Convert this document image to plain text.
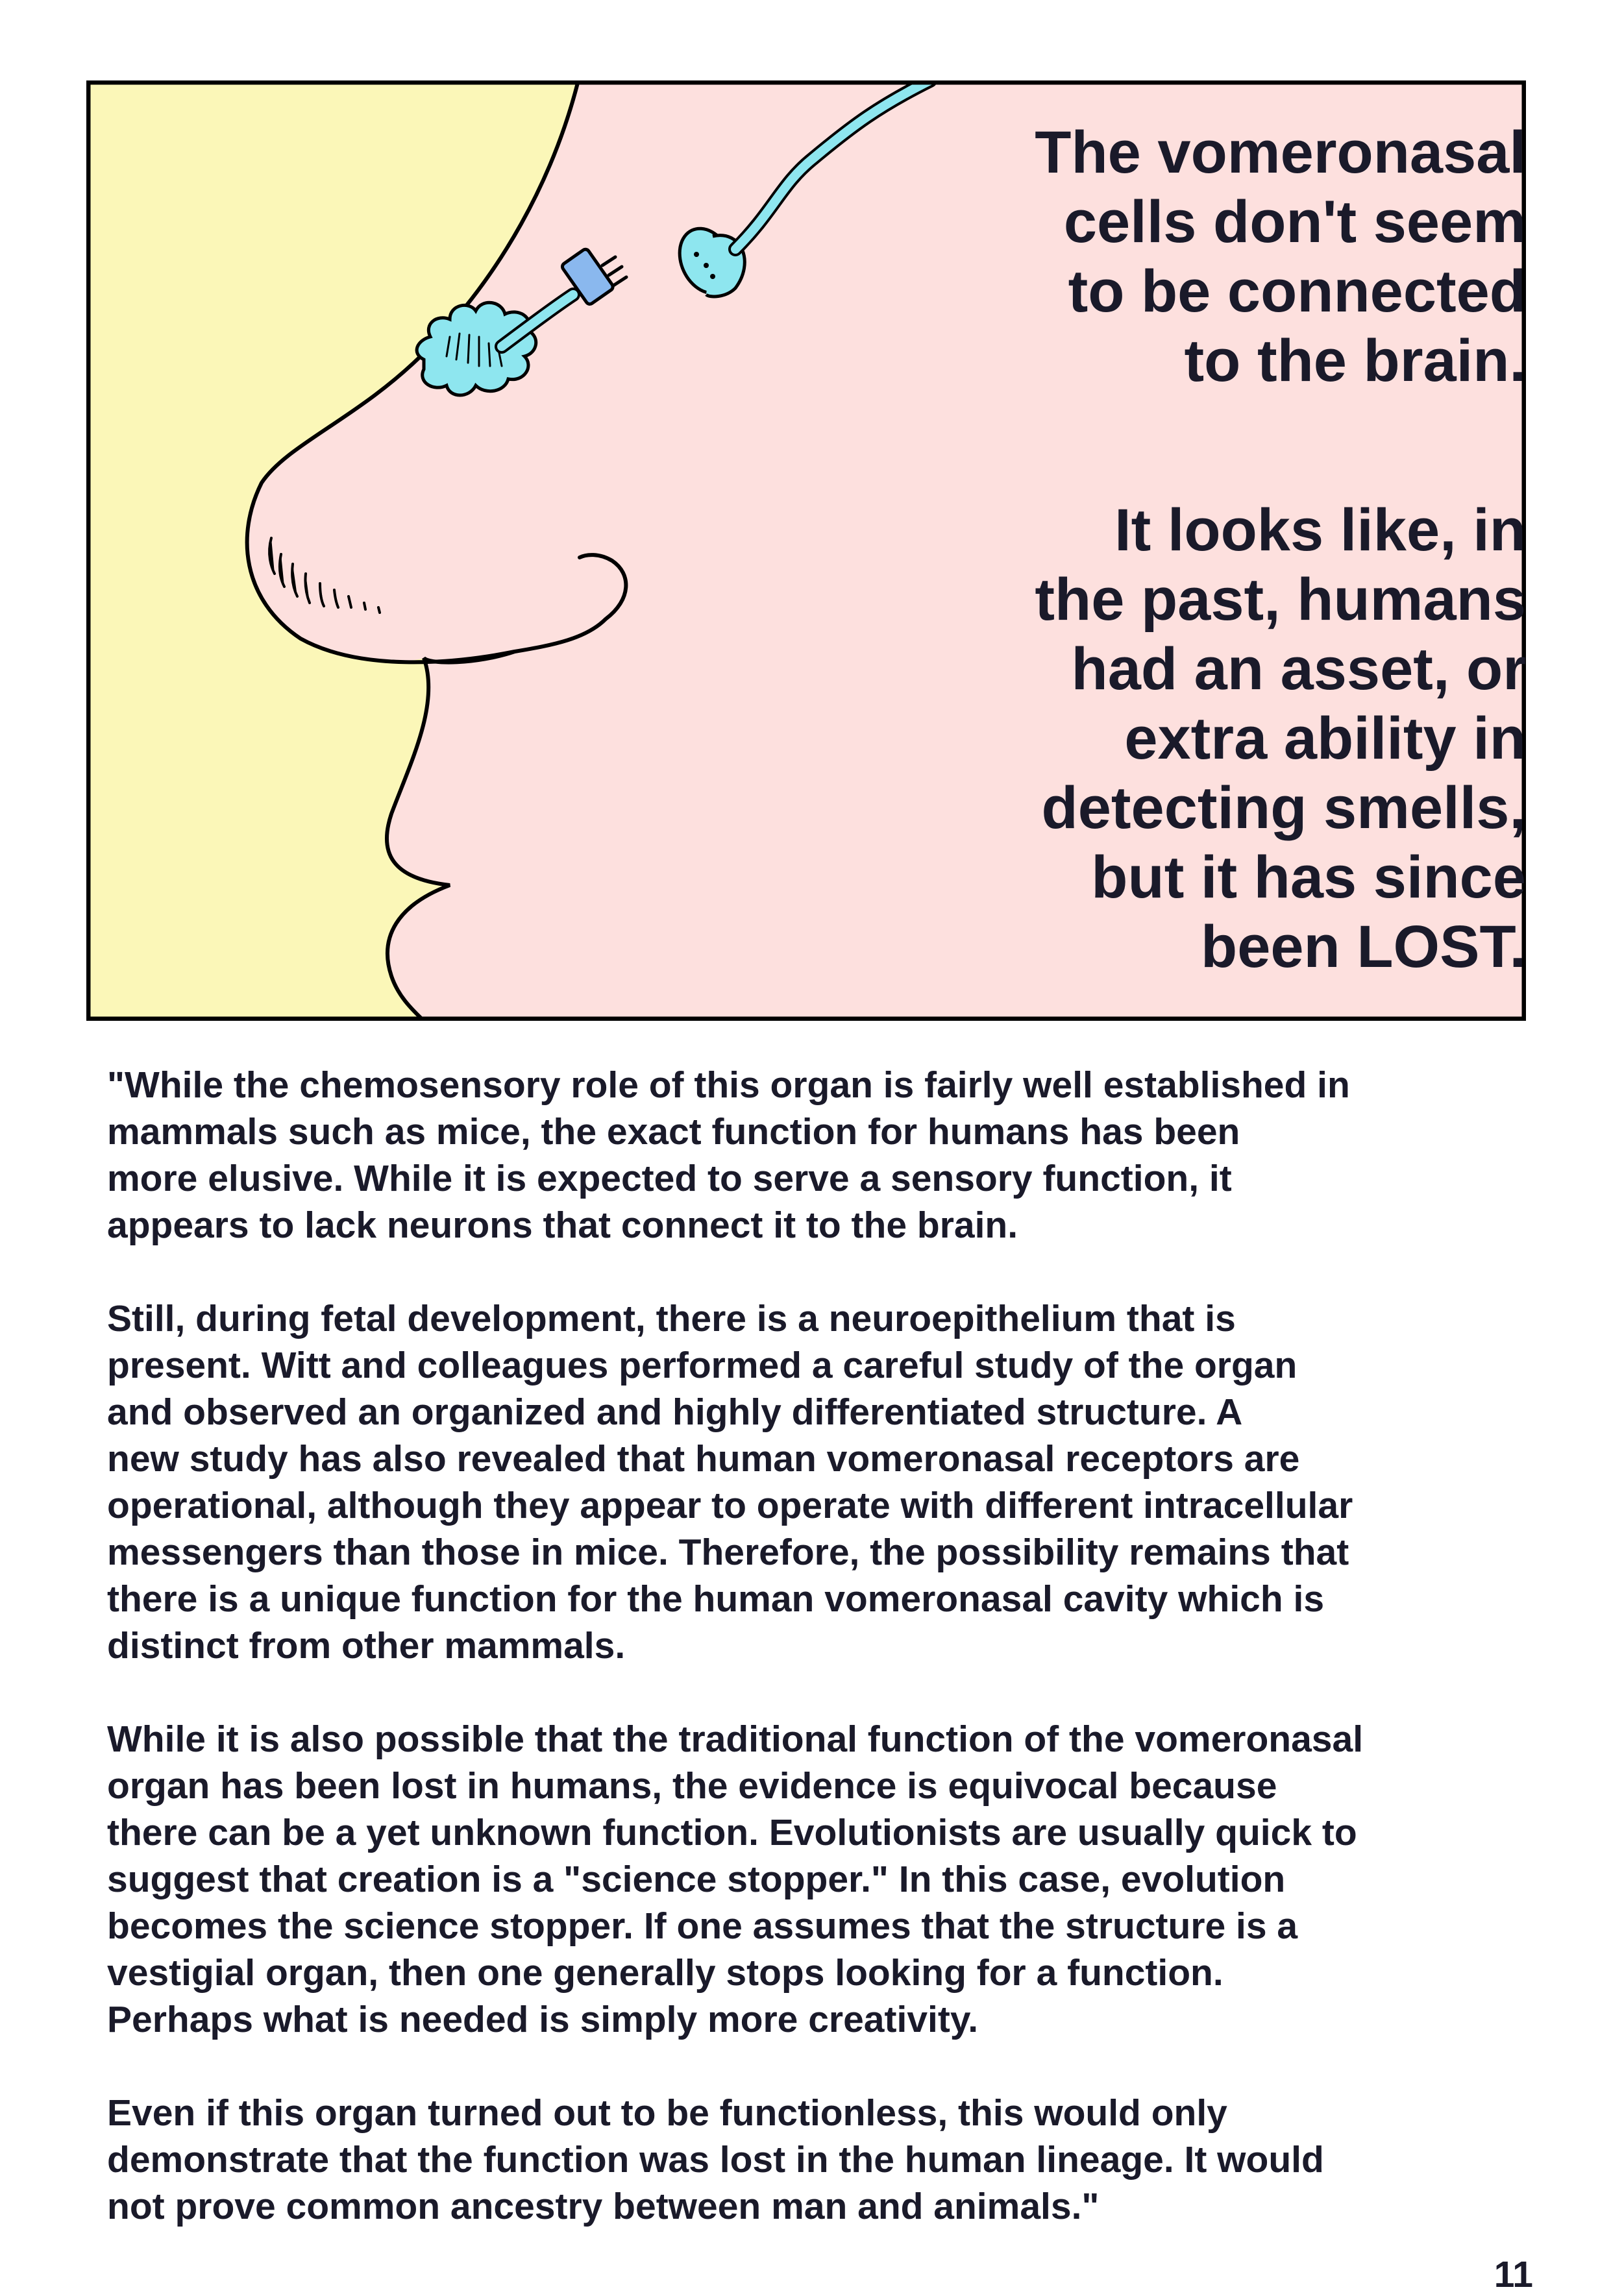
The vomeronasal
cells don't seem
to be connected
to the brain.
It looks like, in
the past, humans
had an asset, or
extra ability in
detecting smells,
but it has since
been LOST.
"While the chemosensory role of this organ is fairly well established in
mammals such as mice, the exact function for humans has been
more elusive. While it is expected to serve a sensory function, it
appears to lack neurons that connect it to the brain.
Still, during fetal development, there is a neuroepithelium that is
present. Witt and colleagues performed a careful study of the organ
and observed an organized and highly differentiated structure. A
new study has also revealed that human vomeronasal receptors are
operational, although they appear to operate with different intracellular
messengers than those in mice. Therefore, the possibility remains that
there is a unique function for the human vomeronasal cavity which is
distinct from other mammals.
While it is also possible that the traditional function of the vomeronasal
organ has been lost in humans, the evidence is equivocal because
there can be a yet unknown function. Evolutionists are usually quick to
suggest that creation is a "science stopper." In this case, evolution
becomes the science stopper. If one assumes that the structure is a
vestigial organ, then one generally stops looking for a function.
Perhaps what is needed is simply more creativity.
Even if this organ turned out to be functionless, this would only
demonstrate that the function was lost in the human lineage. It would
not prove common ancestry between man and animals."
11
